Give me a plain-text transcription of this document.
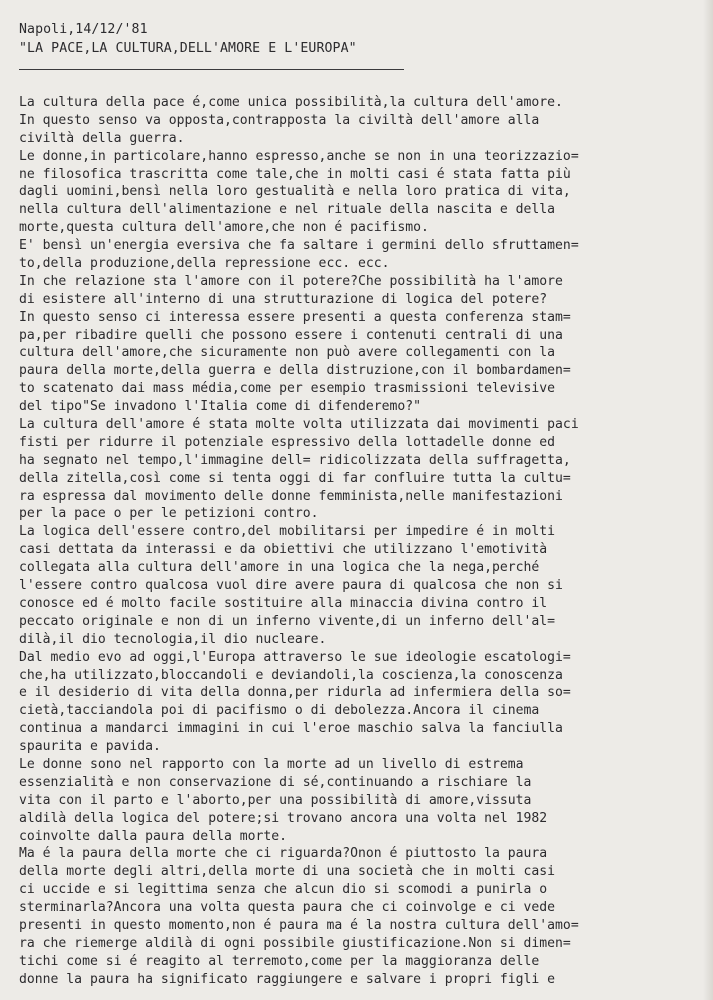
Napoli,14/12/'81
"LA PACE,LA CULTURA,DELL'AMORE E L'EUROPA"
La cultura della pace é,come unica possibilità,la cultura dell'amore.
In questo senso va opposta,contrapposta la civiltà dell'amore alla
civiltà della guerra.
Le donne,in particolare,hanno espresso,anche se non in una teorizzazio=
ne filosofica trascritta come tale,che in molti casi é stata fatta più
dagli uomini,bensì nella loro gestualità e nella loro pratica di vita,
nella cultura dell'alimentazione e nel rituale della nascita e della
morte,questa cultura dell'amore,che non é pacifismo.
E' bensì un'energia eversiva che fa saltare i germini dello sfruttamen=
to,della produzione,della repressione ecc. ecc.
In che relazione sta l'amore con il potere?Che possibilità ha l'amore
di esistere all'interno di una strutturazione di logica del potere?
In questo senso ci interessa essere presenti a questa conferenza stam=
pa,per ribadire quelli che possono essere i contenuti centrali di una
cultura dell'amore,che sicuramente non può avere collegamenti con la
paura della morte,della guerra e della distruzione,con il bombardamen=
to scatenato dai mass média,come per esempio trasmissioni televisive
del tipo"Se invadono l'Italia come di difenderemo?"
La cultura dell'amore é stata molte volta utilizzata dai movimenti paci
fisti per ridurre il potenziale espressivo della lottadelle donne ed
ha segnato nel tempo,l'immagine dell= ridicolizzata della suffragetta,
della zitella,così come si tenta oggi di far confluire tutta la cultu=
ra espressa dal movimento delle donne femminista,nelle manifestazioni
per la pace o per le petizioni contro.
La logica dell'essere contro,del mobilitarsi per impedire é in molti
casi dettata da interassi e da obiettivi che utilizzano l'emotività
collegata alla cultura dell'amore in una logica che la nega,perché
l'essere contro qualcosa vuol dire avere paura di qualcosa che non si
conosce ed é molto facile sostituire alla minaccia divina contro il
peccato originale e non di un inferno vivente,di un inferno dell'al=
dilà,il dio tecnologia,il dio nucleare.
Dal medio evo ad oggi,l'Europa attraverso le sue ideologie escatologi=
che,ha utilizzato,bloccandoli e deviandoli,la coscienza,la conoscenza
e il desiderio di vita della donna,per ridurla ad infermiera della so=
cietà,tacciandola poi di pacifismo o di debolezza.Ancora il cinema
continua a mandarci immagini in cui l'eroe maschio salva la fanciulla
spaurita e pavida.
Le donne sono nel rapporto con la morte ad un livello di estrema
essenzialità e non conservazione di sé,continuando a rischiare la
vita con il parto e l'aborto,per una possibilità di amore,vissuta
aldilà della logica del potere;si trovano ancora una volta nel 1982
coinvolte dalla paura della morte.
Ma é la paura della morte che ci riguarda?Onon é piuttosto la paura
della morte degli altri,della morte di una società che in molti casi
ci uccide e si legittima senza che alcun dio si scomodi a punirla o
sterminarla?Ancora una volta questa paura che ci coinvolge e ci vede
presenti in questo momento,non é paura ma é la nostra cultura dell'amo=
ra che riemerge aldilà di ogni possibile giustificazione.Non si dimen=
tichi come si é reagito al terremoto,come per la maggioranza delle
donne la paura ha significato raggiungere e salvare i propri figli e
